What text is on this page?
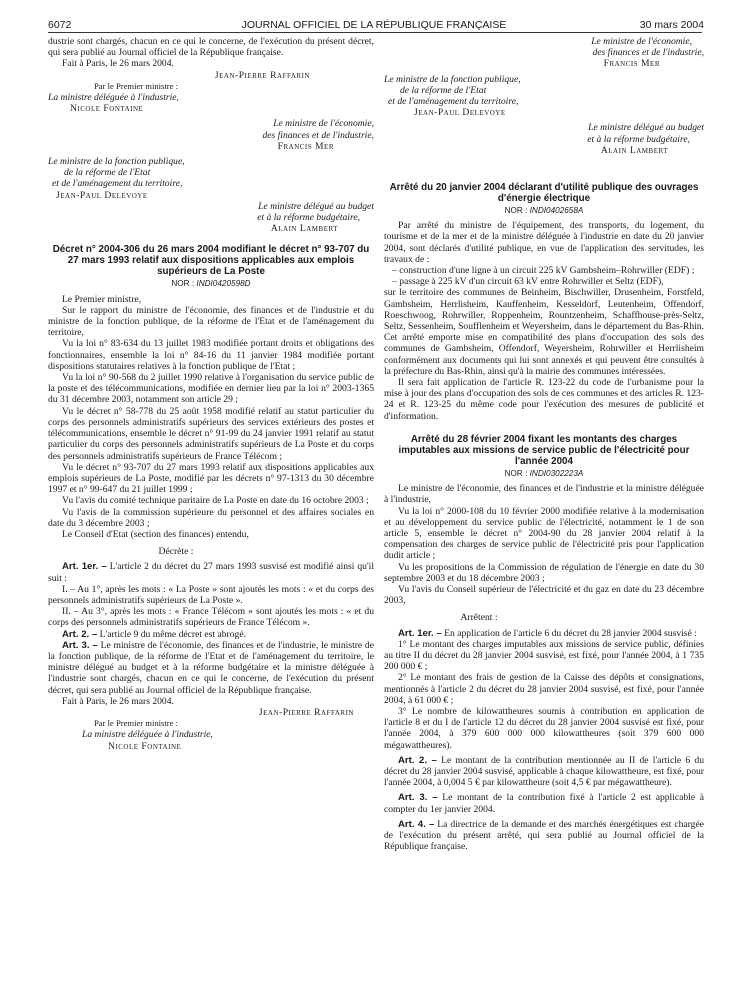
6072	JOURNAL OFFICIEL DE LA RÉPUBLIQUE FRANÇAISE	30 mars 2004

dustrie sont chargés, chacun en ce qui le concerne, de l'exécution du présent décret, qui sera publié au Journal officiel de la République française.

Fait à Paris, le 26 mars 2004.

Jean-Pierre Raffarin
Par le Premier ministre :
La ministre déléguée à l'industrie,
Nicole Fontaine
Le ministre de l'économie,
des finances et de l'industrie,
Francis Mer
Le ministre de la fonction publique,
de la réforme de l'Etat
et de l'aménagement du territoire,
Jean-Paul Delevoye
Le ministre délégué au budget
et à la réforme budgétaire,
Alain Lambert

Décret n° 2004-306 du 26 mars 2004 modifiant le décret n° 93-707 du 27 mars 1993 relatif aux dispositions applicables aux emplois supérieurs de La Poste

NOR : INDI0420598D

Le Premier ministre,

Sur le rapport du ministre de l'économie, des finances et de l'industrie et du ministre de la fonction publique, de la réforme de l'Etat et de l'aménagement du territoire,

Vu la loi n° 83-634 du 13 juillet 1983 modifiée portant droits et obligations des fonctionnaires, ensemble la loi n° 84-16 du 11 janvier 1984 modifiée portant dispositions statutaires relatives à la fonction publique de l'Etat ;

Vu la loi n° 90-568 du 2 juillet 1990 relative à l'organisation du service public de la poste et des télécommunications, modifiée en dernier lieu par la loi n° 2003-1365 du 31 décembre 2003, notamment son article 29 ;

Vu le décret n° 58-778 du 25 août 1958 modifié relatif au statut particulier du corps des personnels administratifs supérieurs des services extérieurs des postes et télécommunications, ensemble le décret n° 91-99 du 24 janvier 1991 relatif au statut particulier du corps des personnels administratifs supérieurs de La Poste et du corps des personnels administratifs supérieurs de France Télécom ;

Vu le décret n° 93-707 du 27 mars 1993 relatif aux dispositions applicables aux emplois supérieurs de La Poste, modifié par les décrets n° 97-1313 du 30 décembre 1997 et n° 99-647 du 21 juillet 1999 ;

Vu l'avis du comité technique paritaire de La Poste en date du 16 octobre 2003 ;

Vu l'avis de la commission supérieure du personnel et des affaires sociales en date du 3 décembre 2003 ;

Le Conseil d'Etat (section des finances) entendu,

Décrète :

Art. 1er. – L'article 2 du décret du 27 mars 1993 susvisé est modifié ainsi qu'il suit :

I. – Au 1°, après les mots : « La Poste » sont ajoutés les mots : « et du corps des personnels administratifs supérieurs de La Poste ».

II. – Au 3°, après les mots : « France Télécom » sont ajoutés les mots : « et du corps des personnels administratifs supérieurs de France Télécom ».

Art. 2. – L'article 9 du même décret est abrogé.

Art. 3. – Le ministre de l'économie, des finances et de l'industrie, le ministre de la fonction publique, de la réforme de l'Etat et de l'aménagement du territoire, le ministre délégué au budget et à la réforme budgétaire et la ministre déléguée à l'industrie sont chargés, chacun en ce qui le concerne, de l'exécution du présent décret, qui sera publié au Journal officiel de la République française.

Fait à Paris, le 26 mars 2004.

Jean-Pierre Raffarin
Par le Premier ministre :
La ministre déléguée à l'industrie,
Nicole Fontaine
Le ministre de l'économie,
des finances et de l'industrie,
Francis Mer
Le ministre de la fonction publique,
de la réforme de l'Etat
et de l'aménagement du territoire,
Jean-Paul Delevoye
Le ministre délégué au budget
et à la réforme budgétaire,
Alain Lambert

Arrêté du 20 janvier 2004 déclarant d'utilité publique des ouvrages d'énergie électrique

NOR : INDI0402658A

Par arrêté du ministre de l'équipement, des transports, du logement, du tourisme et de la mer et de la ministre déléguée à l'industrie en date du 20 janvier 2004, sont déclarés d'utilité publique, en vue de l'application des servitudes, les travaux de :

– construction d'une ligne à un circuit 225 kV Gambsheim–Rohrwiller (EDF) ;
– passage à 225 kV d'un circuit 63 kV entre Rohrwiller et Seltz (EDF),

sur le territoire des communes de Beinheim, Bischwiller, Drusenheim, Forstfeld, Gambsheim, Herrlisheim, Kauffenheim, Kesseldorf, Leutenheim, Offendorf, Roeschwoog, Rohrwiller, Roppenheim, Rountzenheim, Schaffhouse-près-Seltz, Seltz, Sessenheim, Soufflenheim et Weyersheim, dans le département du Bas-Rhin. Cet arrêté emporte mise en compatibilité des plans d'occupation des sols des communes de Gambsheim, Offendorf, Weyersheim, Rohrwiller et Herrlisheim conformément aux documents qui lui sont annexés et qui peuvent être consultés à la préfecture du Bas-Rhin, ainsi qu'à la mairie des communes intéressées.

Il sera fait application de l'article R. 123-22 du code de l'urbanisme pour la mise à jour des plans d'occupation des sols de ces communes et des articles R. 123-24 et R. 123-25 du même code pour l'exécution des mesures de publicité et d'information.

Arrêté du 28 février 2004 fixant les montants des charges imputables aux missions de service public de l'électricité pour l'année 2004

NOR : INDI0302223A

Le ministre de l'économie, des finances et de l'industrie et la ministre déléguée à l'industrie,

Vu la loi n° 2000-108 du 10 février 2000 modifiée relative à la modernisation et au développement du service public de l'électricité, notamment le 1 de son article 5, ensemble le décret n° 2004-90 du 28 janvier 2004 relatif à la compensation des charges de service public de l'électricité pris pour l'application dudit article ;

Vu les propositions de la Commission de régulation de l'énergie en date du 30 septembre 2003 et du 18 décembre 2003 ;

Vu l'avis du Conseil supérieur de l'électricité et du gaz en date du 23 décembre 2003,

Arrêtent :

Art. 1er. – En application de l'article 6 du décret du 28 janvier 2004 susvisé :

1° Le montant des charges imputables aux missions de service public, définies au titre II du décret du 28 janvier 2004 susvisé, est fixé, pour l'année 2004, à 1 735 200 000 € ;

2° Le montant des frais de gestion de la Caisse des dépôts et consignations, mentionnés à l'article 2 du décret du 28 janvier 2004 susvisé, est fixé, pour l'année 2004, à 61 000 € ;

3° Le nombre de kilowattheures soumis à contribution en application de l'article 8 et du I de l'article 12 du décret du 28 janvier 2004 susvisé est fixé, pour l'année 2004, à 379 600 000 000 kilowattheures (soit 379 600 000 mégawattheures).

Art. 2. – Le montant de la contribution mentionnée au II de l'article 6 du décret du 28 janvier 2004 susvisé, applicable à chaque kilowattheure, est fixé, pour l'année 2004, à 0,004 5 € par kilowattheure (soit 4,5 € par mégawattheure).

Art. 3. – Le montant de la contribution fixé à l'article 2 est applicable à compter du 1er janvier 2004.

Art. 4. – La directrice de la demande et des marchés énergétiques est chargée de l'exécution du présent arrêté, qui sera publié au Journal officiel de la République française.
